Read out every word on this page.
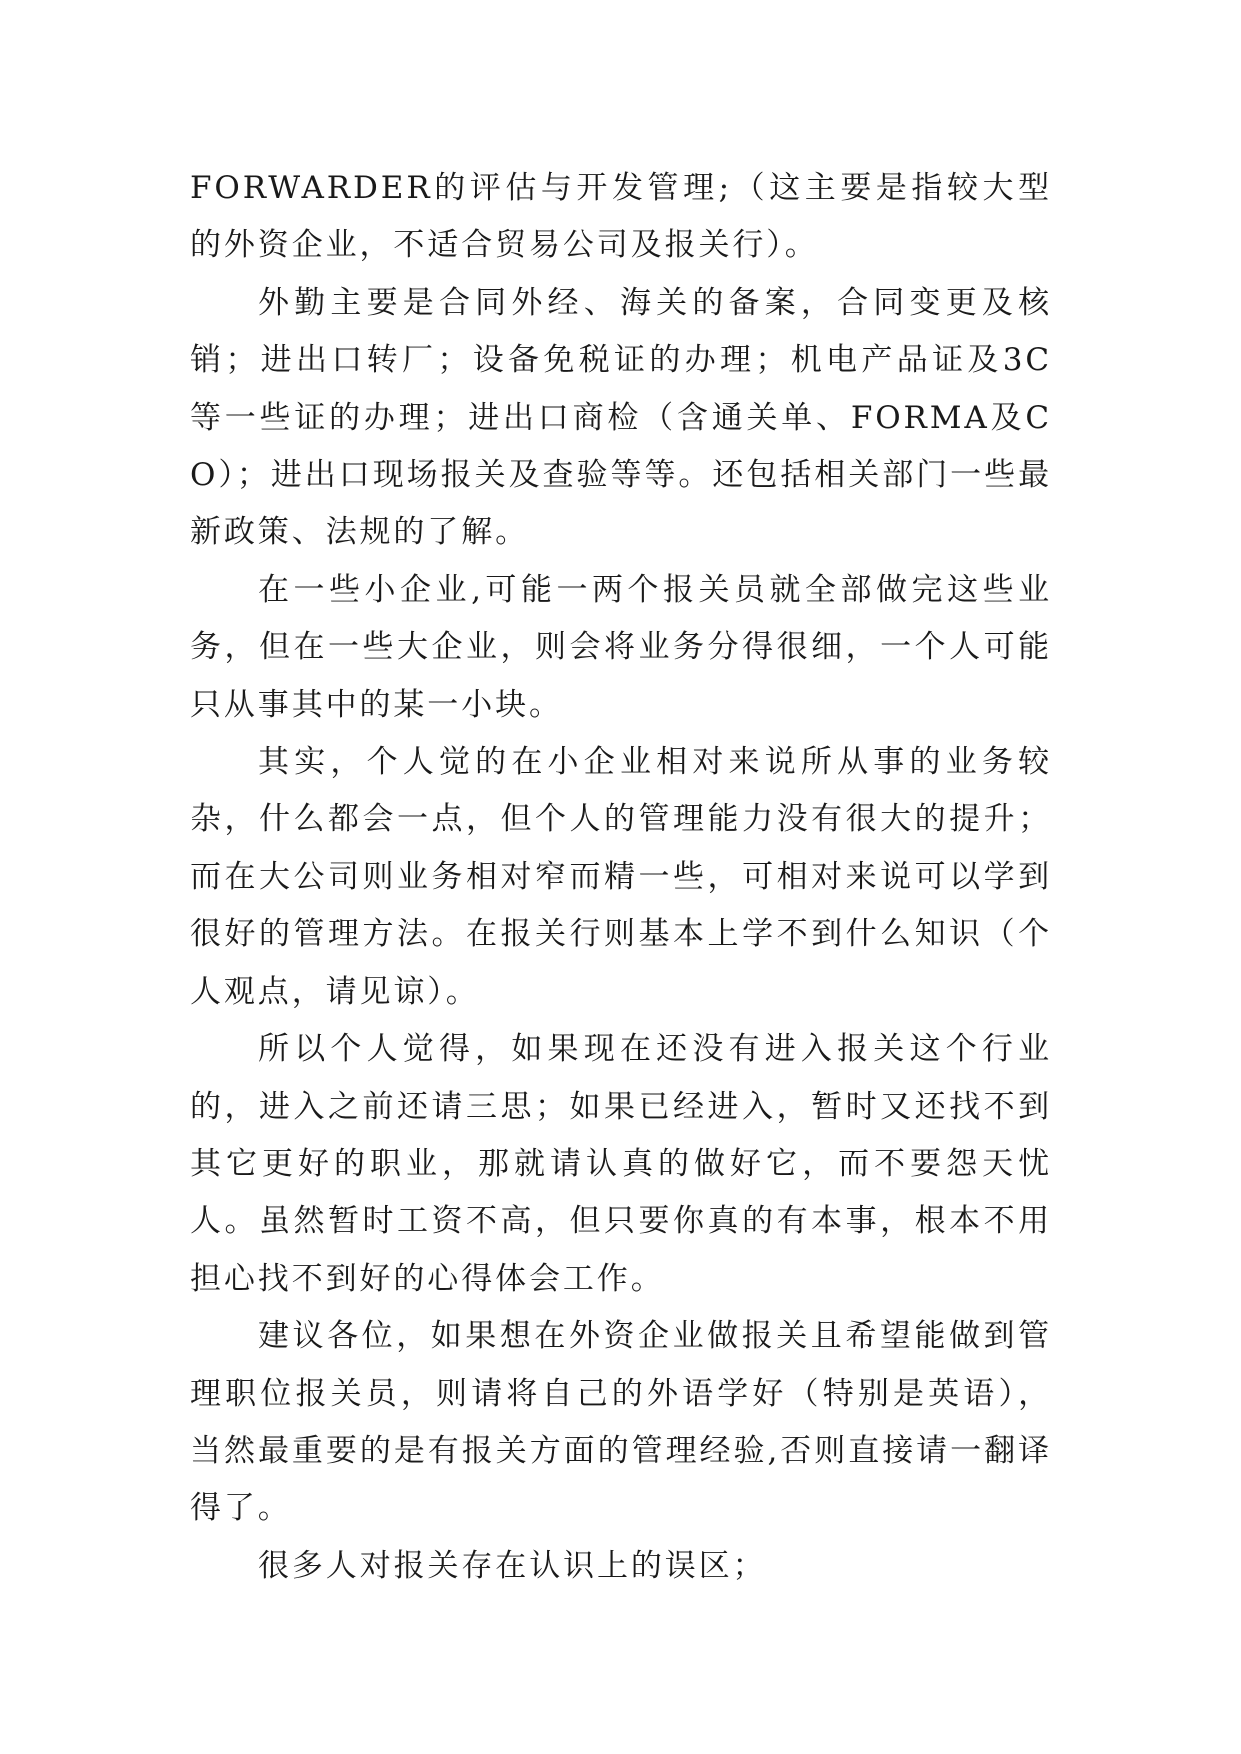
FORWARDER的评估与开发管理;（这主要是指较大型的外资企业，不适合贸易公司及报关行）。

外勤主要是合同外经、海关的备案，合同变更及核销；进出口转厂；设备免税证的办理；机电产品证及3C等一些证的办理；进出口商检（含通关单、FORMA及CO）；进出口现场报关及查验等等。还包括相关部门一些最新政策、法规的了解。

在一些小企业,可能一两个报关员就全部做完这些业务，但在一些大企业，则会将业务分得很细，一个人可能只从事其中的某一小块。

其实，个人觉的在小企业相对来说所从事的业务较杂，什么都会一点，但个人的管理能力没有很大的提升；而在大公司则业务相对窄而精一些，可相对来说可以学到很好的管理方法。在报关行则基本上学不到什么知识（个人观点，请见谅）。

所以个人觉得，如果现在还没有进入报关这个行业的，进入之前还请三思；如果已经进入，暂时又还找不到其它更好的职业，那就请认真的做好它，而不要怨天忧人。虽然暂时工资不高，但只要你真的有本事，根本不用担心找不到好的心得体会工作。

建议各位，如果想在外资企业做报关且希望能做到管理职位报关员，则请将自己的外语学好（特别是英语），当然最重要的是有报关方面的管理经验,否则直接请一翻译得了。

很多人对报关存在认识上的误区；
